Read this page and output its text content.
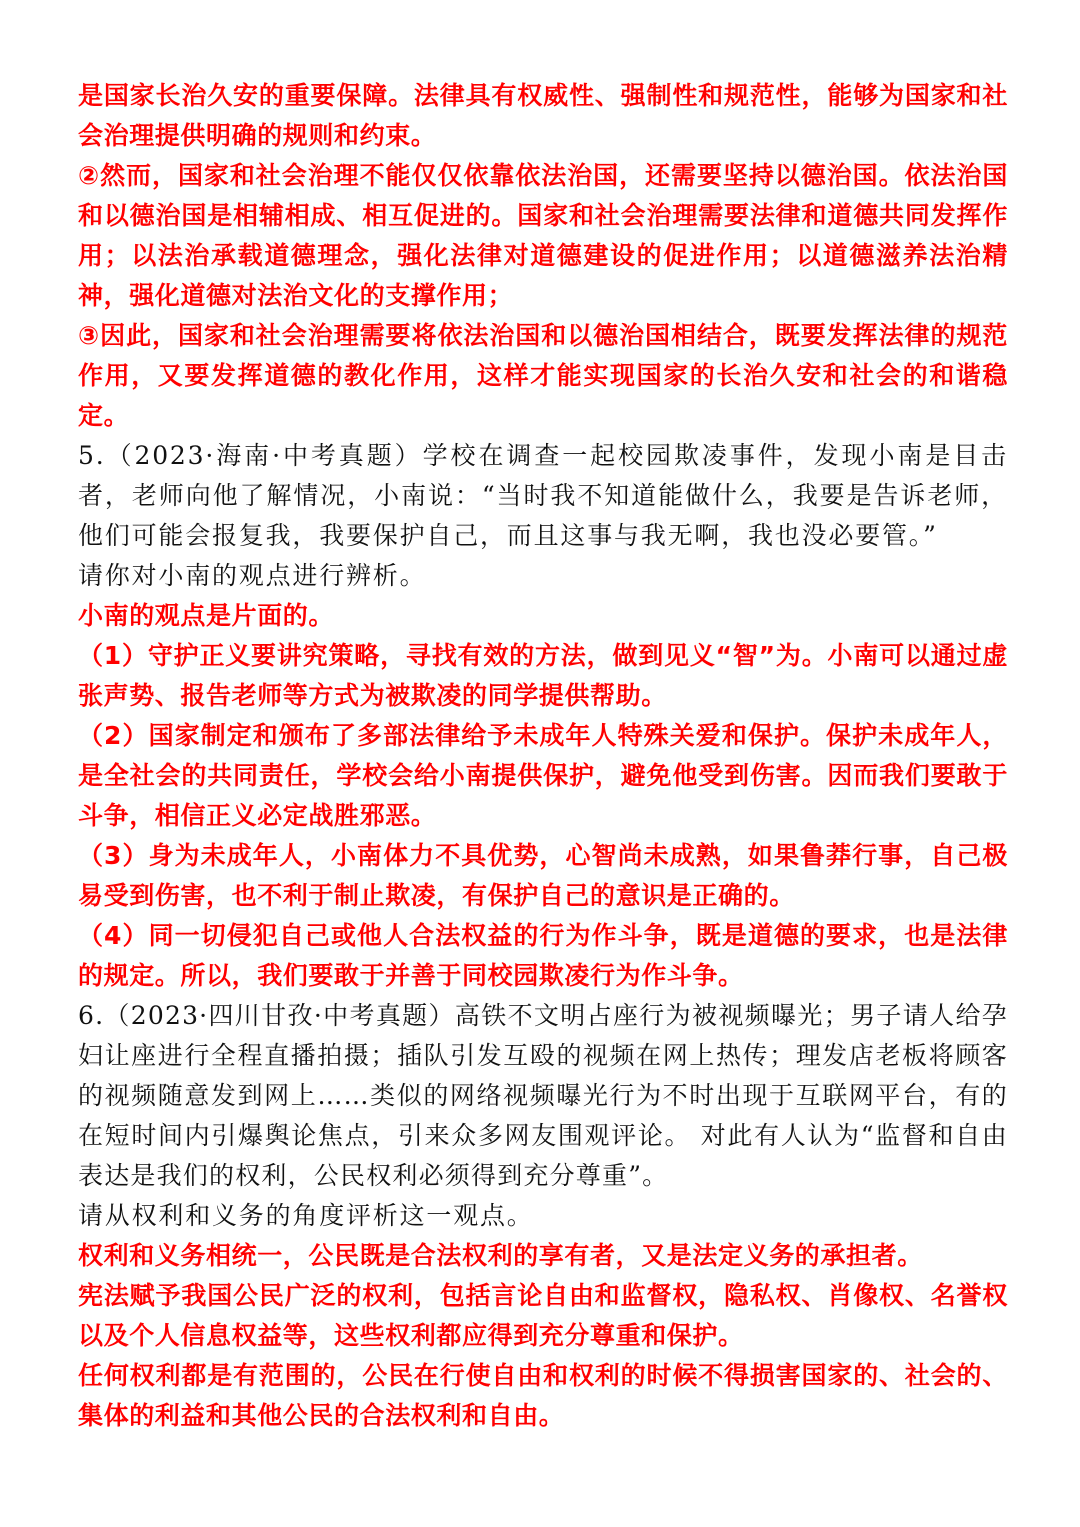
是国家长治久安的重要保障。法律具有权威性、强制性和规范性，能够为国家和社会治理提供明确的规则和约束。

②然而，国家和社会治理不能仅仅依靠依法治国，还需要坚持以德治国。依法治国和以德治国是相辅相成、相互促进的。国家和社会治理需要法律和道德共同发挥作用；以法治承载道德理念，强化法律对道德建设的促进作用；以道德滋养法治精神，强化道德对法治文化的支撑作用；

③因此，国家和社会治理需要将依法治国和以德治国相结合，既要发挥法律的规范作用，又要发挥道德的教化作用，这样才能实现国家的长治久安和社会的和谐稳定。

5.（2023·海南·中考真题）学校在调查一起校园欺凌事件，发现小南是目击者，老师向他了解情况，小南说：“当时我不知道能做什么，我要是告诉老师，他们可能会报复我，我要保护自己，而且这事与我无啊，我也没必要管。”

请你对小南的观点进行辨析。

小南的观点是片面的。

（1）守护正义要讲究策略，寻找有效的方法，做到见义“智”为。小南可以通过虚张声势、报告老师等方式为被欺凌的同学提供帮助。

（2）国家制定和颁布了多部法律给予未成年人特殊关爱和保护。保护未成年人，是全社会的共同责任，学校会给小南提供保护，避免他受到伤害。因而我们要敢于斗争，相信正义必定战胜邪恶。

（3）身为未成年人，小南体力不具优势，心智尚未成熟，如果鲁莽行事，自己极易受到伤害，也不利于制止欺凌，有保护自己的意识是正确的。

（4）同一切侵犯自己或他人合法权益的行为作斗争，既是道德的要求，也是法律的规定。所以，我们要敢于并善于同校园欺凌行为作斗争。

6.（2023·四川甘孜·中考真题）高铁不文明占座行为被视频曝光；男子请人给孕妇让座进行全程直播拍摄；插队引发互殴的视频在网上热传；理发店老板将顾客的视频随意发到网上……类似的网络视频曝光行为不时出现于互联网平台，有的在短时间内引爆舆论焦点，引来众多网友围观评论。 对此有人认为“监督和自由表达是我们的权利，公民权利必须得到充分尊重”。

请从权利和义务的角度评析这一观点。

权利和义务相统一，公民既是合法权利的享有者，又是法定义务的承担者。

宪法赋予我国公民广泛的权利，包括言论自由和监督权，隐私权、肖像权、名誉权以及个人信息权益等，这些权利都应得到充分尊重和保护。

任何权利都是有范围的，公民在行使自由和权利的时候不得损害国家的、社会的、集体的利益和其他公民的合法权利和自由。
